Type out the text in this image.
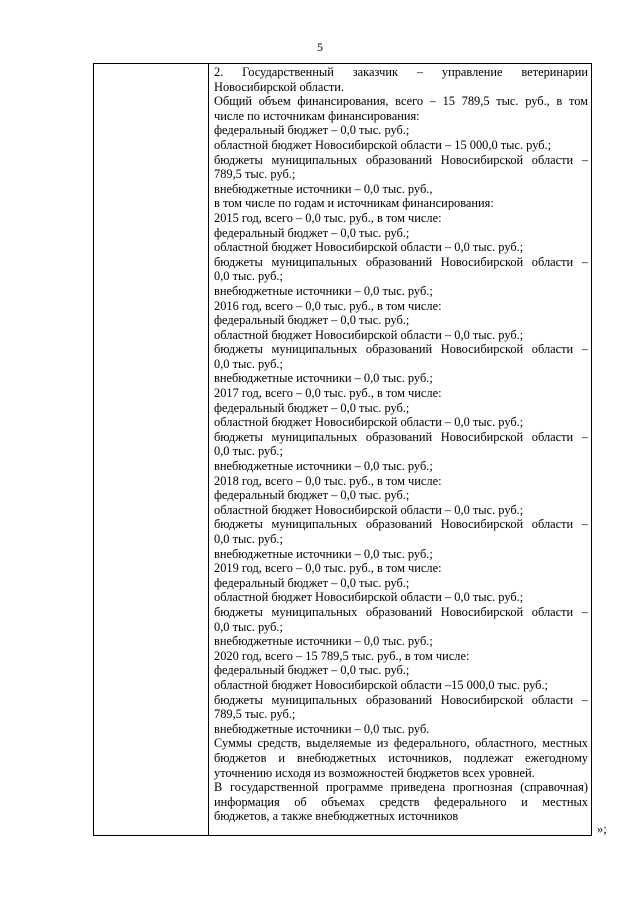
5
2. Государственный заказчик – управление ветеринарии
Новосибирской области.
Общий объем финансирования, всего – 15 789,5 тыс. руб., в том
числе по источникам финансирования:
федеральный бюджет – 0,0 тыс. руб.;
областной бюджет Новосибирской области – 15 000,0 тыс. руб.;
бюджеты муниципальных образований Новосибирской области –
789,5 тыс. руб.;
внебюджетные источники – 0,0 тыс. руб.,
в том числе по годам и источникам финансирования:
2015 год, всего – 0,0 тыс. руб., в том числе:
федеральный бюджет – 0,0 тыс. руб.;
областной бюджет Новосибирской области – 0,0 тыс. руб.;
бюджеты муниципальных образований Новосибирской области –
0,0 тыс. руб.;
внебюджетные источники – 0,0 тыс. руб.;
2016 год, всего – 0,0 тыс. руб., в том числе:
федеральный бюджет – 0,0 тыс. руб.;
областной бюджет Новосибирской области – 0,0 тыс. руб.;
бюджеты муниципальных образований Новосибирской области –
0,0 тыс. руб.;
внебюджетные источники – 0,0 тыс. руб.;
2017 год, всего – 0,0 тыс. руб., в том числе:
федеральный бюджет – 0,0 тыс. руб.;
областной бюджет Новосибирской области – 0,0 тыс. руб.;
бюджеты муниципальных образований Новосибирской области –
0,0 тыс. руб.;
внебюджетные источники – 0,0 тыс. руб.;
2018 год, всего – 0,0 тыс. руб., в том числе:
федеральный бюджет – 0,0 тыс. руб.;
областной бюджет Новосибирской области – 0,0 тыс. руб.;
бюджеты муниципальных образований Новосибирской области –
0,0 тыс. руб.;
внебюджетные источники – 0,0 тыс. руб.;
2019 год, всего – 0,0 тыс. руб., в том числе:
федеральный бюджет – 0,0 тыс. руб.;
областной бюджет Новосибирской области – 0,0 тыс. руб.;
бюджеты муниципальных образований Новосибирской области –
0,0 тыс. руб.;
внебюджетные источники – 0,0 тыс. руб.;
2020 год, всего – 15 789,5 тыс. руб., в том числе:
федеральный бюджет – 0,0 тыс. руб.;
областной бюджет Новосибирской области –15 000,0 тыс. руб.;
бюджеты муниципальных образований Новосибирской области –
789,5 тыс. руб.;
внебюджетные источники – 0,0 тыс. руб.
Суммы средств, выделяемые из федерального, областного, местных
бюджетов и внебюджетных источников, подлежат ежегодному
уточнению исходя из возможностей бюджетов всех уровней.
В государственной программе приведена прогнозная (справочная)
информация об объемах средств федерального и местных
бюджетов, а также внебюджетных источников
»;
